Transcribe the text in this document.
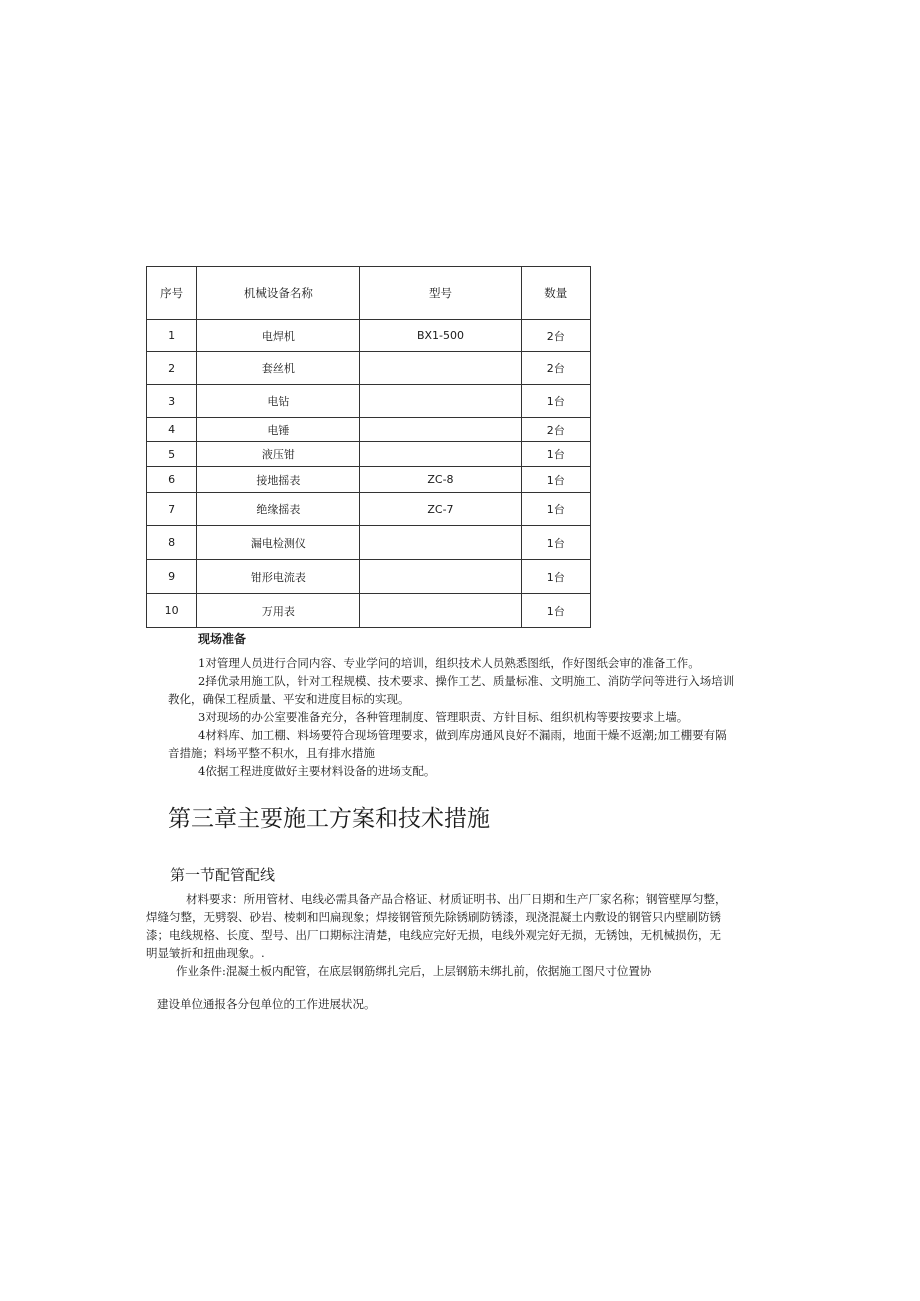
序号	机械设备名称	型号	数量
1	电焊机	BX1-500	2台
2	套丝机		2台
3	电钻		1台
4	电锤		2台
5	液压钳		1台
6	接地摇表	ZC-8	1台
7	绝缘摇表	ZC-7	1台
8	漏电检测仪		1台
9	钳形电流表		1台
10	万用表		1台
现场准备

1对管理人员进行合同内容、专业学问的培训，组织技术人员熟悉图纸，作好图纸会审的准备工作。

2择优录用施工队，针对工程规模、技术要求、操作工艺、质量标准、文明施工、消防学问等进行入场培训教化，确保工程质量、平安和进度目标的实现。

3对现场的办公室要准备充分，各种管理制度、管理职责、方针目标、组织机构等要按要求上墙。

4材料库、加工棚、料场要符合现场管理要求，做到库房通风良好不漏雨，地面干燥不返潮;加工棚要有隔音措施；料场平整不积水，且有排水措施

4依据工程进度做好主要材料设备的进场支配。

第三章主要施工方案和技术措施
第一节配管配线

材料要求：所用管材、电线必需具备产品合格证、材质证明书、出厂日期和生产厂家名称；钢管壁厚匀整，焊缝匀整，无劈裂、砂岩、棱刺和凹扁现象；焊接钢管预先除锈刷防锈漆，现浇混凝土内敷设的钢管只内壁刷防锈漆；电线规格、长度、型号、出厂口期标注清楚，电线应完好无损，电线外观完好无损，无锈蚀，无机械损伤，无明显皱折和扭曲现象。.

作业条件:混凝土板内配管，在底层钢筋绑扎完后，上层钢筋未绑扎前，依据施工图尺寸位置协

建设单位通报各分包单位的工作进展状况。
